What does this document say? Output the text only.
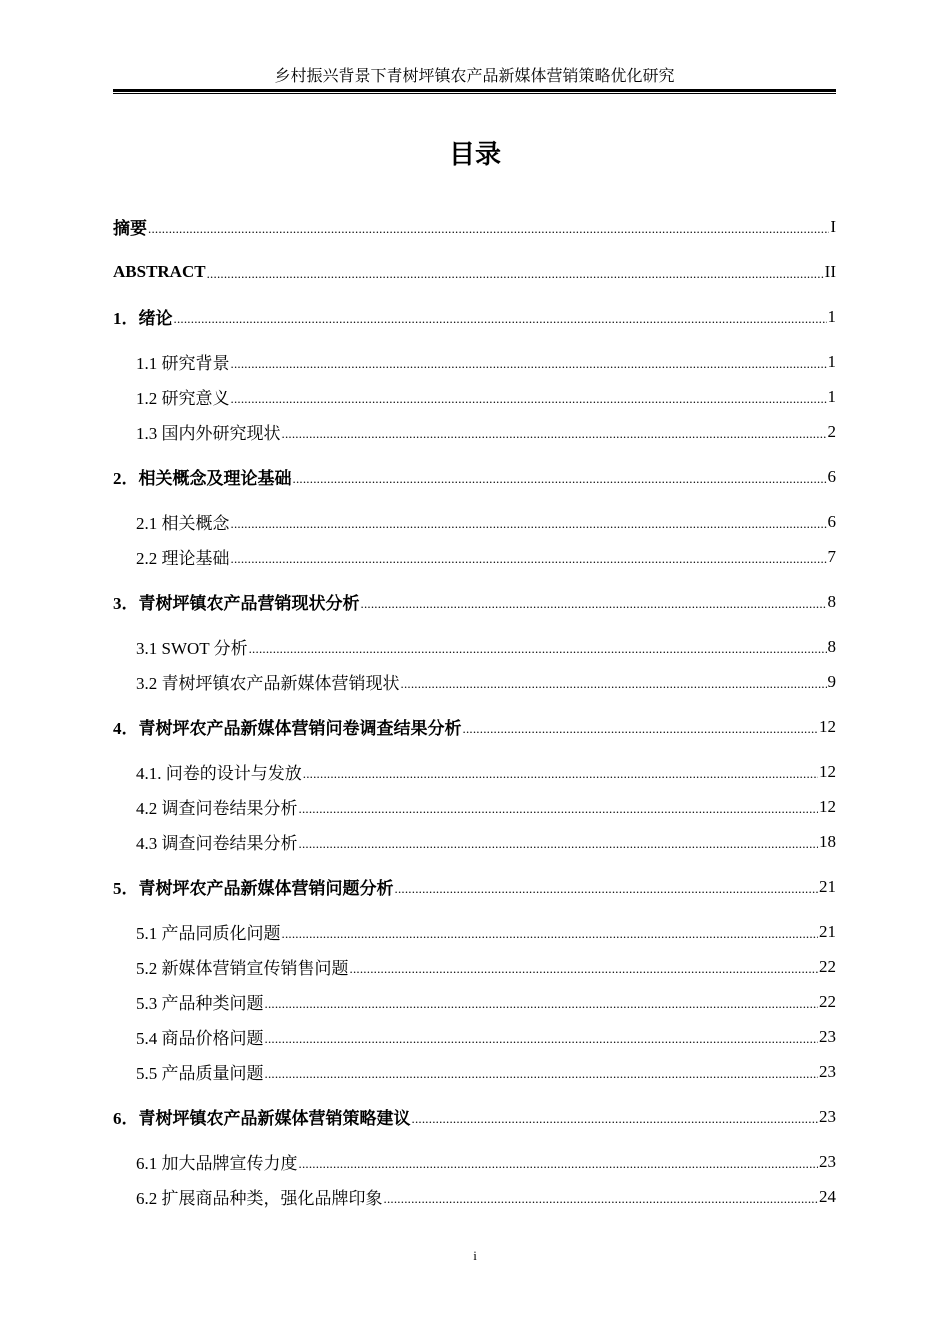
乡村振兴背景下青树坪镇农产品新媒体营销策略优化研究
目录
摘要 .....	I
ABSTRACT .....	II
1．绪论 .....	1
1.1 研究背景 .....	1
1.2 研究意义 .....	1
1.3 国内外研究现状 .....	2
2．相关概念及理论基础 .....	6
2.1 相关概念 .....	6
2.2 理论基础 .....	7
3．青树坪镇农产品营销现状分析 .....	8
3.1 SWOT 分析 .....	8
3.2 青树坪镇农产品新媒体营销现状 .....	9
4．青树坪农产品新媒体营销问卷调查结果分析 .....	12
4.1. 问卷的设计与发放 .....	12
4.2 调查问卷结果分析 .....	12
4.3 调查问卷结果分析 .....	18
5．青树坪农产品新媒体营销问题分析 .....	21
5.1 产品同质化问题 .....	21
5.2 新媒体营销宣传销售问题 .....	22
5.3 产品种类问题 .....	22
5.4 商品价格问题 .....	23
5.5 产品质量问题 .....	23
6．青树坪镇农产品新媒体营销策略建议 .....	23
6.1 加大品牌宣传力度 .....	23
6.2 扩展商品种类，强化品牌印象 .....	24
i
